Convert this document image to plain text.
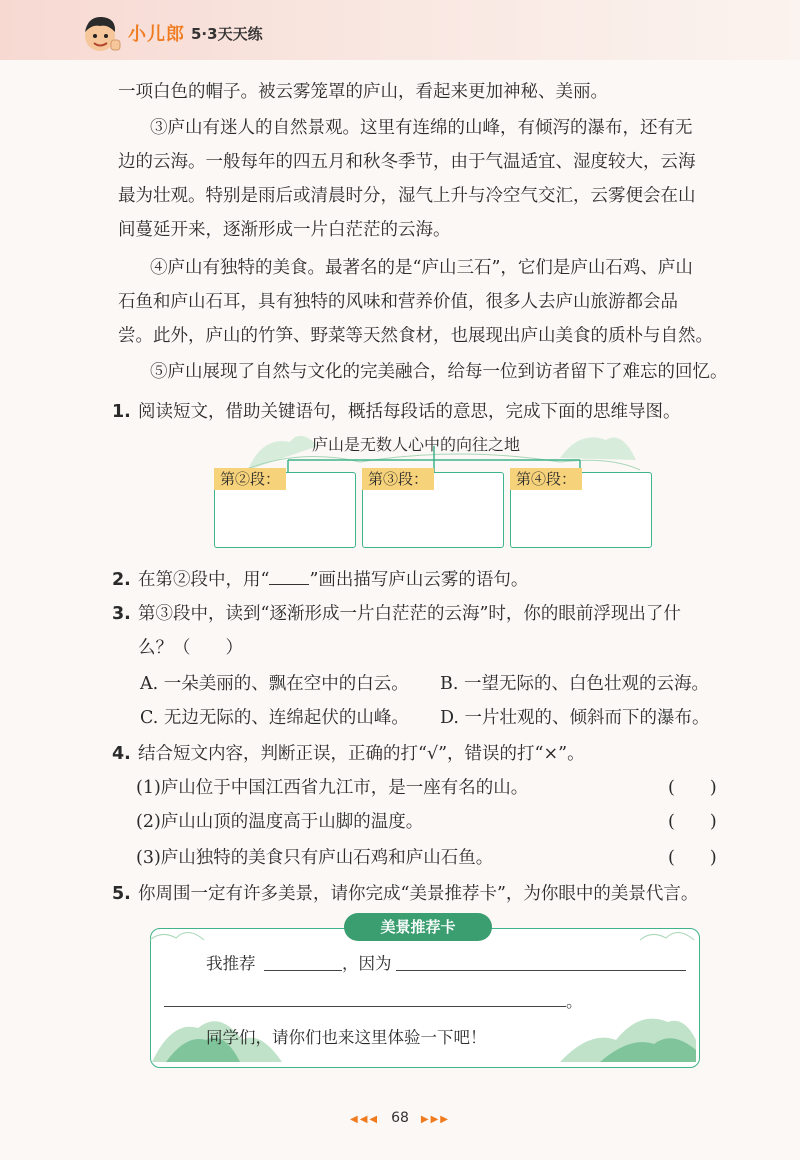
小儿郎 5·3天天练
一项白色的帽子。被云雾笼罩的庐山，看起来更加神秘、美丽。
③庐山有迷人的自然景观。这里有连绵的山峰，有倾泻的瀑布，还有无
边的云海。一般每年的四五月和秋冬季节，由于气温适宜、湿度较大，云海
最为壮观。特别是雨后或清晨时分，湿气上升与冷空气交汇，云雾便会在山
间蔓延开来，逐渐形成一片白茫茫的云海。
④庐山有独特的美食。最著名的是“庐山三石”，它们是庐山石鸡、庐山
石鱼和庐山石耳，具有独特的风味和营养价值，很多人去庐山旅游都会品
尝。此外，庐山的竹笋、野菜等天然食材，也展现出庐山美食的质朴与自然。
⑤庐山展现了自然与文化的完美融合，给每一位到访者留下了难忘的回忆。
1. 阅读短文，借助关键语句，概括每段话的意思，完成下面的思维导图。
庐山是无数人心中的向往之地
第②段：	第③段：	第④段：
2. 在第②段中，用“ ”画出描写庐山云雾的语句。
3. 第③段中，读到“逐渐形成一片白茫茫的云海”时，你的眼前浮现出了什
么？（　　）
A. 一朵美丽的、飘在空中的白云。 B. 一望无际的、白色壮观的云海。
C. 无边无际的、连绵起伏的山峰。 D. 一片壮观的、倾斜而下的瀑布。
4. 结合短文内容，判断正误，正确的打“√”，错误的打“×”。
(1)庐山位于中国江西省九江市，是一座有名的山。	(　　)
(2)庐山山顶的温度高于山脚的温度。	(　　)
(3)庐山独特的美食只有庐山石鸡和庐山石鱼。	(　　)
5. 你周围一定有许多美景，请你完成“美景推荐卡”，为你眼中的美景代言。
美景推荐卡
我推荐	，因为
。
同学们，请你们也来这里体验一下吧！
◀◀◀ 68 ▶▶▶
